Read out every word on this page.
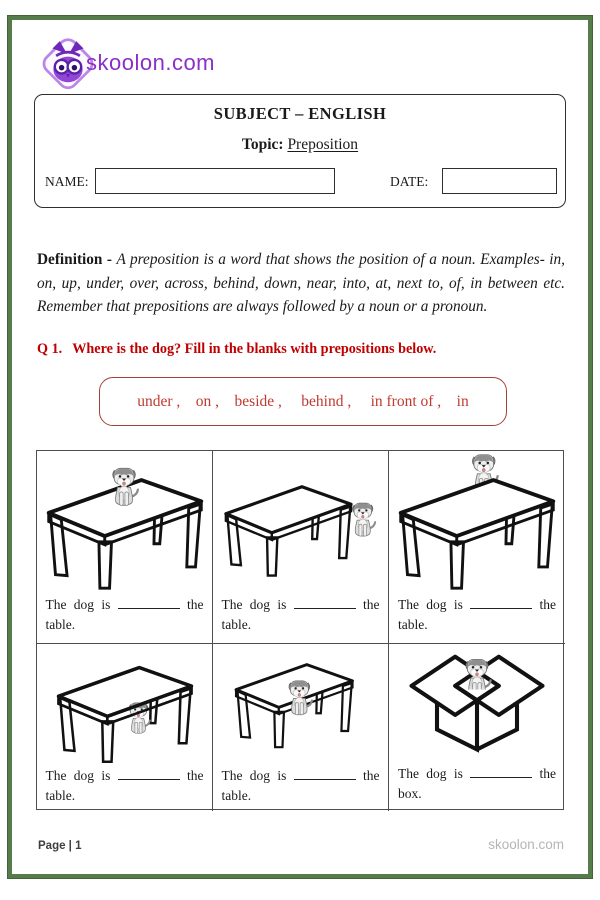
skoolon.com
SUBJECT – ENGLISH
Topic: Preposition
NAME:	DATE:

Definition - A preposition is a word that shows the position of a noun. Examples- in, on, up, under, over, across, behind, down, near, into, at, next to, of, in between etc. Remember that prepositions are always followed by a noun or a pronoun.

Q 1. Where is the dog? Fill in the blanks with prepositions below.
under ,    on ,    beside ,     behind ,     in front of ,    in
The dog is	the table.
The dog is	the table.
The dog is	the table.
The dog is	the table.
The dog is	the table.
The dog is	the box.
Page | 1	skoolon.com
